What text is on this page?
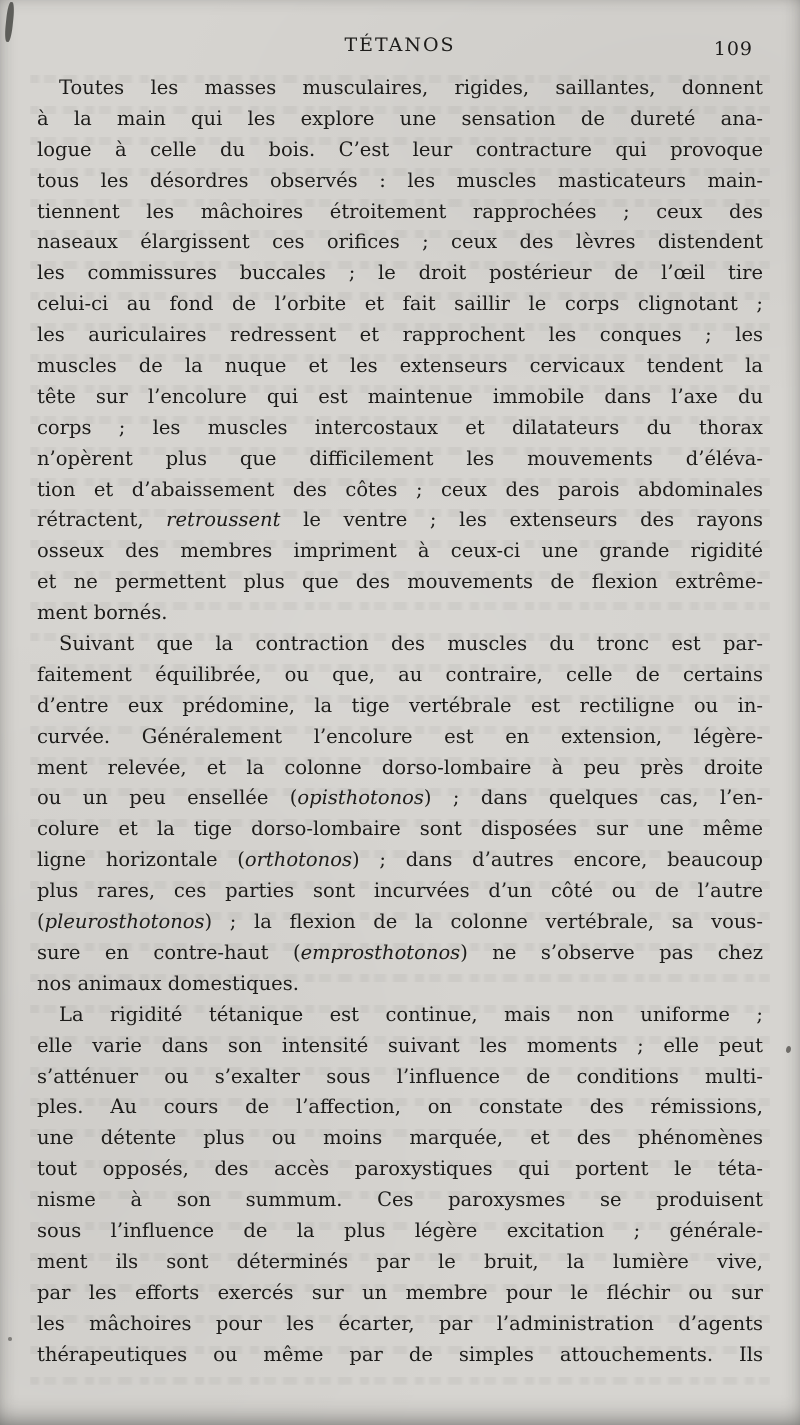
TÉTANOS	109
Toutes les masses musculaires, rigides, saillantes, donnent
à la main qui les explore une sensation de dureté ana-
logue à celle du bois. C’est leur contracture qui provoque
tous les désordres observés : les muscles masticateurs main-
tiennent les mâchoires étroitement rapprochées ; ceux des
naseaux élargissent ces orifices ; ceux des lèvres distendent
les commissures buccales ; le droit postérieur de l’œil tire
celui-ci au fond de l’orbite et fait saillir le corps clignotant ;
les auriculaires redressent et rapprochent les conques ; les
muscles de la nuque et les extenseurs cervicaux tendent la
tête sur l’encolure qui est maintenue immobile dans l’axe du
corps ; les muscles intercostaux et dilatateurs du thorax
n’opèrent plus que difficilement les mouvements d’éléva-
tion et d’abaissement des côtes ; ceux des parois abdominales
rétractent, retroussent le ventre ; les extenseurs des rayons
osseux des membres impriment à ceux-ci une grande rigidité
et ne permettent plus que des mouvements de flexion extrême-
ment bornés.
Suivant que la contraction des muscles du tronc est par-
faitement équilibrée, ou que, au contraire, celle de certains
d’entre eux prédomine, la tige vertébrale est rectiligne ou in-
curvée. Généralement l’encolure est en extension, légère-
ment relevée, et la colonne dorso-lombaire à peu près droite
ou un peu ensellée (opisthotonos) ; dans quelques cas, l’en-
colure et la tige dorso-lombaire sont disposées sur une même
ligne horizontale (orthotonos) ; dans d’autres encore, beaucoup
plus rares, ces parties sont incurvées d’un côté ou de l’autre
(pleurosthotonos) ; la flexion de la colonne vertébrale, sa vous-
sure en contre-haut (emprosthotonos) ne s’observe pas chez
nos animaux domestiques.
La rigidité tétanique est continue, mais non uniforme ;
elle varie dans son intensité suivant les moments ; elle peut
s’atténuer ou s’exalter sous l’influence de conditions multi-
ples. Au cours de l’affection, on constate des rémissions,
une détente plus ou moins marquée, et des phénomènes
tout opposés, des accès paroxystiques qui portent le téta-
nisme à son summum. Ces paroxysmes se produisent
sous l’influence de la plus légère excitation ; générale-
ment ils sont déterminés par le bruit, la lumière vive,
par les efforts exercés sur un membre pour le fléchir ou sur
les mâchoires pour les écarter, par l’administration d’agents
thérapeutiques ou même par de simples attouchements. Ils
